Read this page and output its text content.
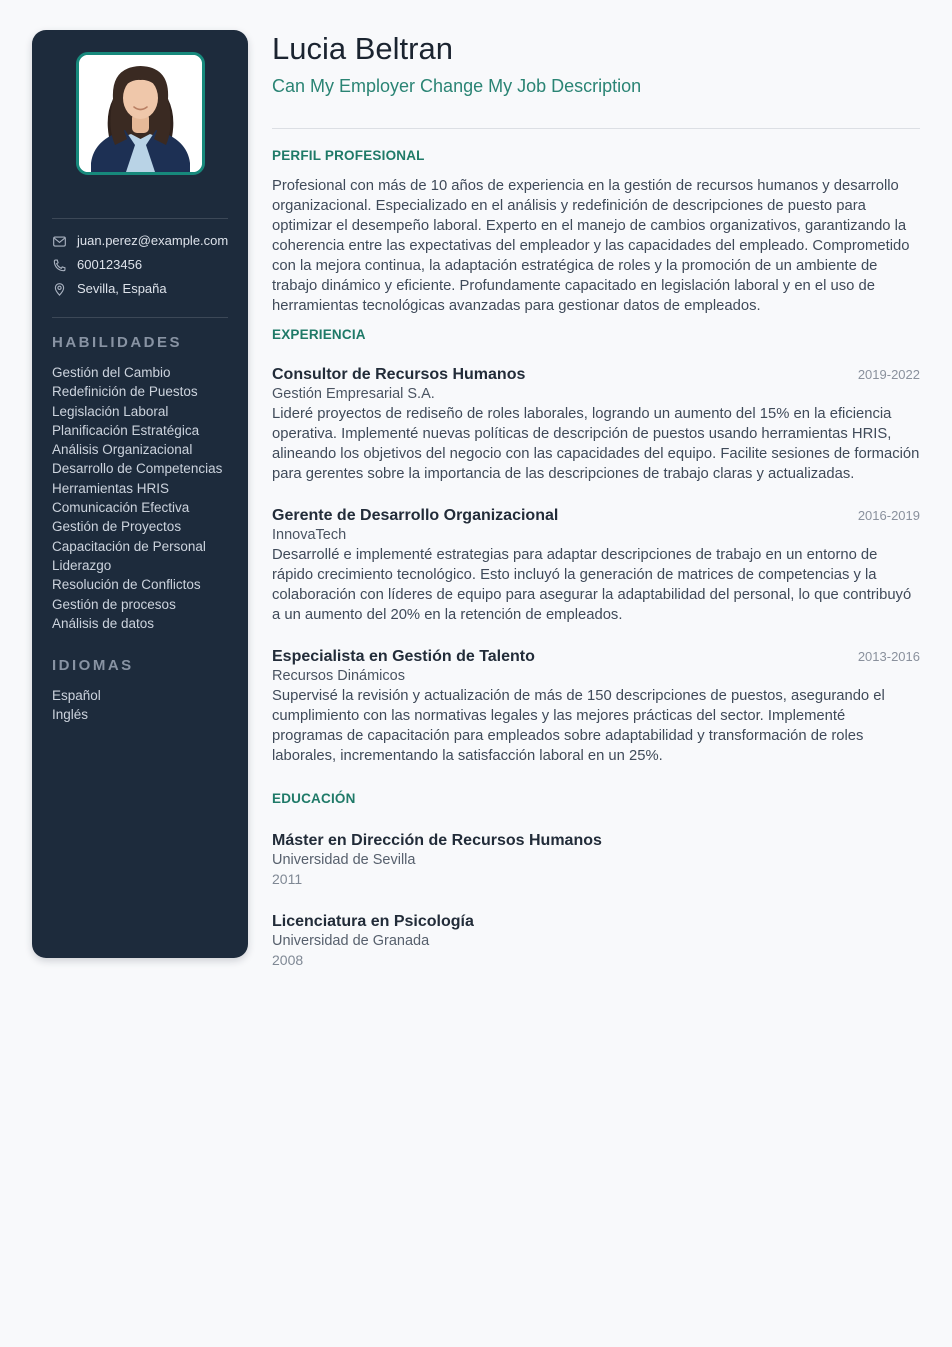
juan.perez@example.com
600123456
Sevilla, España
HABILIDADES
Gestión del Cambio
Redefinición de Puestos
Legislación Laboral
Planificación Estratégica
Análisis Organizacional
Desarrollo de Competencias
Herramientas HRIS
Comunicación Efectiva
Gestión de Proyectos
Capacitación de Personal
Liderazgo
Resolución de Conflictos
Gestión de procesos
Análisis de datos
IDIOMAS
Español
Inglés
Lucia Beltran
Can My Employer Change My Job Description
PERFIL PROFESIONAL

Profesional con más de 10 años de experiencia en la gestión de recursos humanos y desarrollo organizacional. Especializado en el análisis y redefinición de descripciones de puesto para optimizar el desempeño laboral. Experto en el manejo de cambios organizativos, garantizando la coherencia entre las expectativas del empleador y las capacidades del empleado. Comprometido con la mejora continua, la adaptación estratégica de roles y la promoción de un ambiente de trabajo dinámico y eficiente. Profundamente capacitado en legislación laboral y en el uso de herramientas tecnológicas avanzadas para gestionar datos de empleados.

EXPERIENCIA
Consultor de Recursos Humanos	2019-2022
Gestión Empresarial S.A.

Lideré proyectos de rediseño de roles laborales, logrando un aumento del 15% en la eficiencia operativa. Implementé nuevas políticas de descripción de puestos usando herramientas HRIS, alineando los objetivos del negocio con las capacidades del equipo. Facilite sesiones de formación para gerentes sobre la importancia de las descripciones de trabajo claras y actualizadas.

Gerente de Desarrollo Organizacional	2016-2019
InnovaTech

Desarrollé e implementé estrategias para adaptar descripciones de trabajo en un entorno de rápido crecimiento tecnológico. Esto incluyó la generación de matrices de competencias y la colaboración con líderes de equipo para asegurar la adaptabilidad del personal, lo que contribuyó a un aumento del 20% en la retención de empleados.

Especialista en Gestión de Talento	2013-2016
Recursos Dinámicos

Supervisé la revisión y actualización de más de 150 descripciones de puestos, asegurando el cumplimiento con las normativas legales y las mejores prácticas del sector. Implementé programas de capacitación para empleados sobre adaptabilidad y transformación de roles laborales, incrementando la satisfacción laboral en un 25%.

EDUCACIÓN
Máster en Dirección de Recursos Humanos
Universidad de Sevilla
2011
Licenciatura en Psicología
Universidad de Granada
2008
